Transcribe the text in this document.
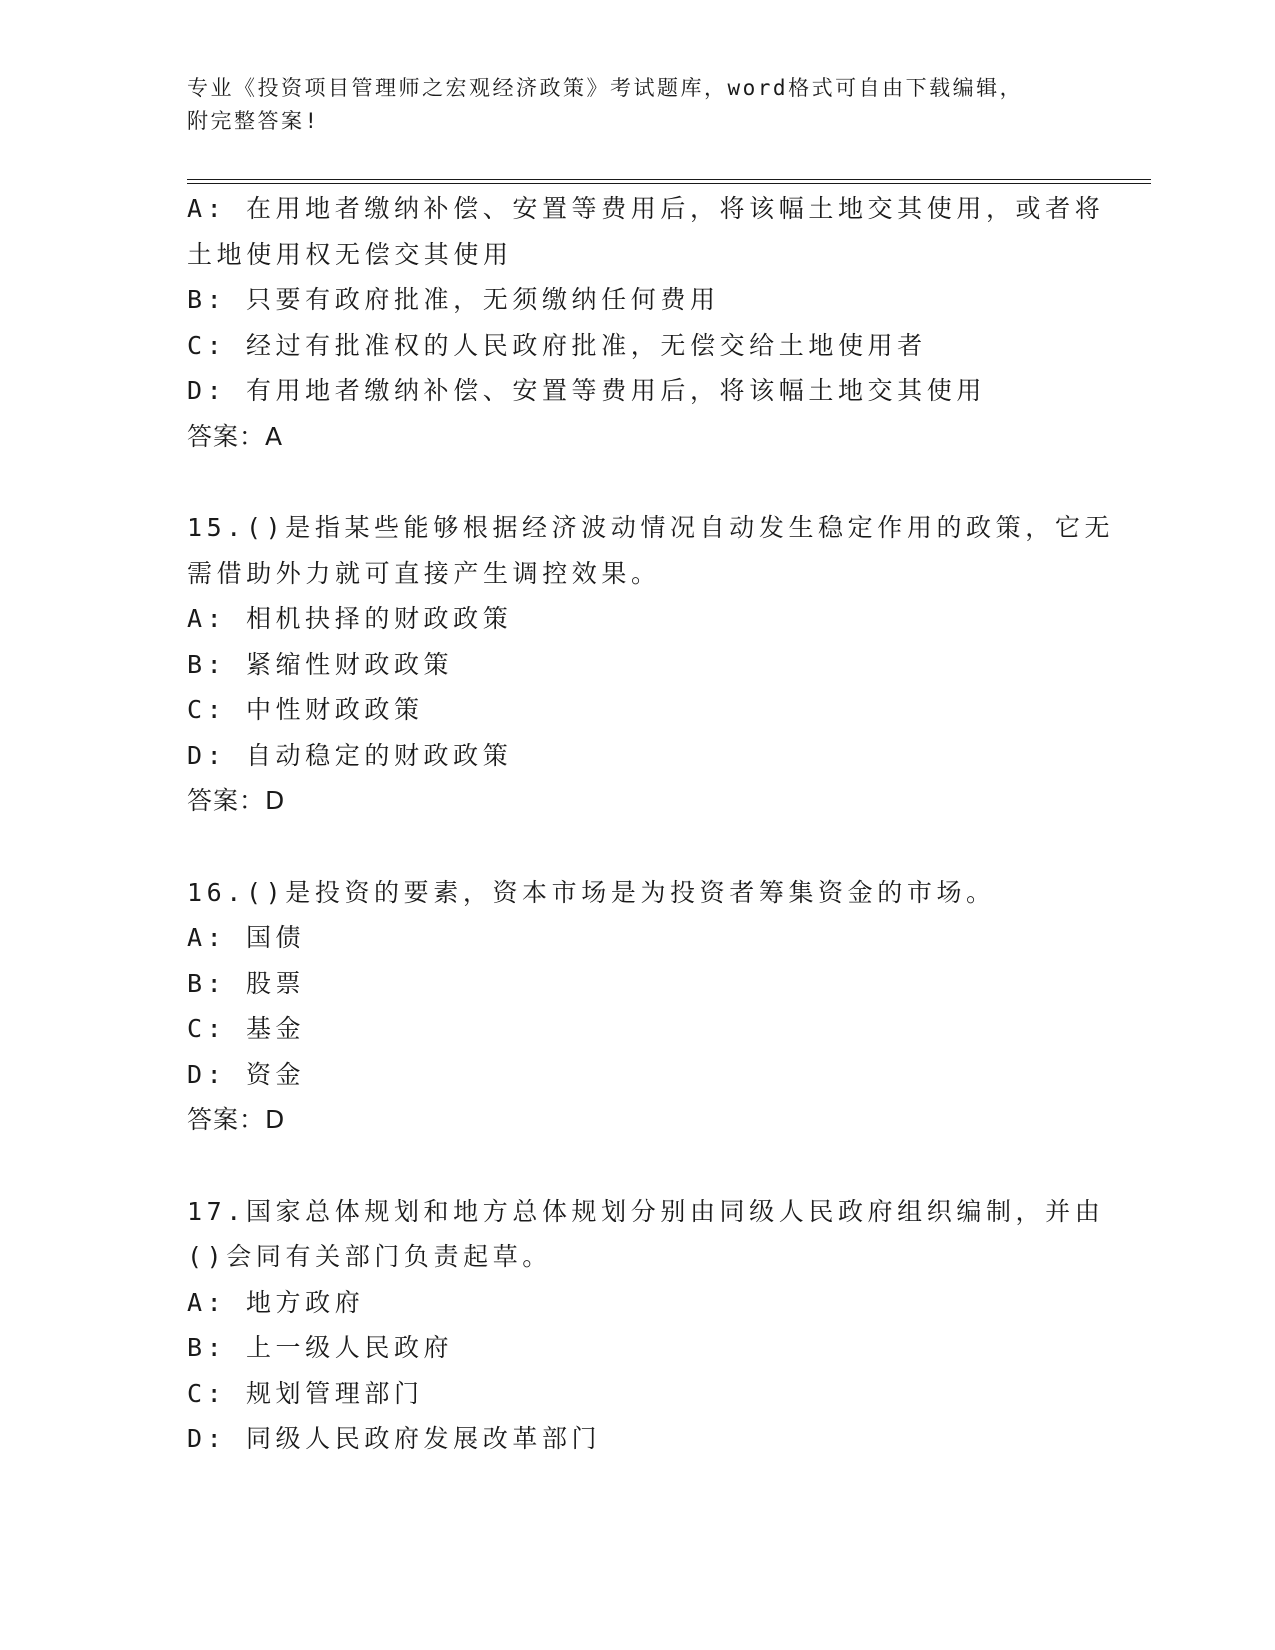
专业《投资项目管理师之宏观经济政策》考试题库，word格式可自由下载编辑，
附完整答案!
A: 在用地者缴纳补偿、安置等费用后，将该幅土地交其使用，或者将
土地使用权无偿交其使用
B: 只要有政府批准，无须缴纳任何费用
C: 经过有批准权的人民政府批准，无偿交给土地使用者
D: 有用地者缴纳补偿、安置等费用后，将该幅土地交其使用
答案：A
15.()是指某些能够根据经济波动情况自动发生稳定作用的政策，它无
需借助外力就可直接产生调控效果。
A: 相机抉择的财政政策
B: 紧缩性财政政策
C: 中性财政政策
D: 自动稳定的财政政策
答案：D
16.()是投资的要素，资本市场是为投资者筹集资金的市场。
A: 国债
B: 股票
C: 基金
D: 资金
答案：D
17.国家总体规划和地方总体规划分别由同级人民政府组织编制，并由
()会同有关部门负责起草。
A: 地方政府
B: 上一级人民政府
C: 规划管理部门
D: 同级人民政府发展改革部门
